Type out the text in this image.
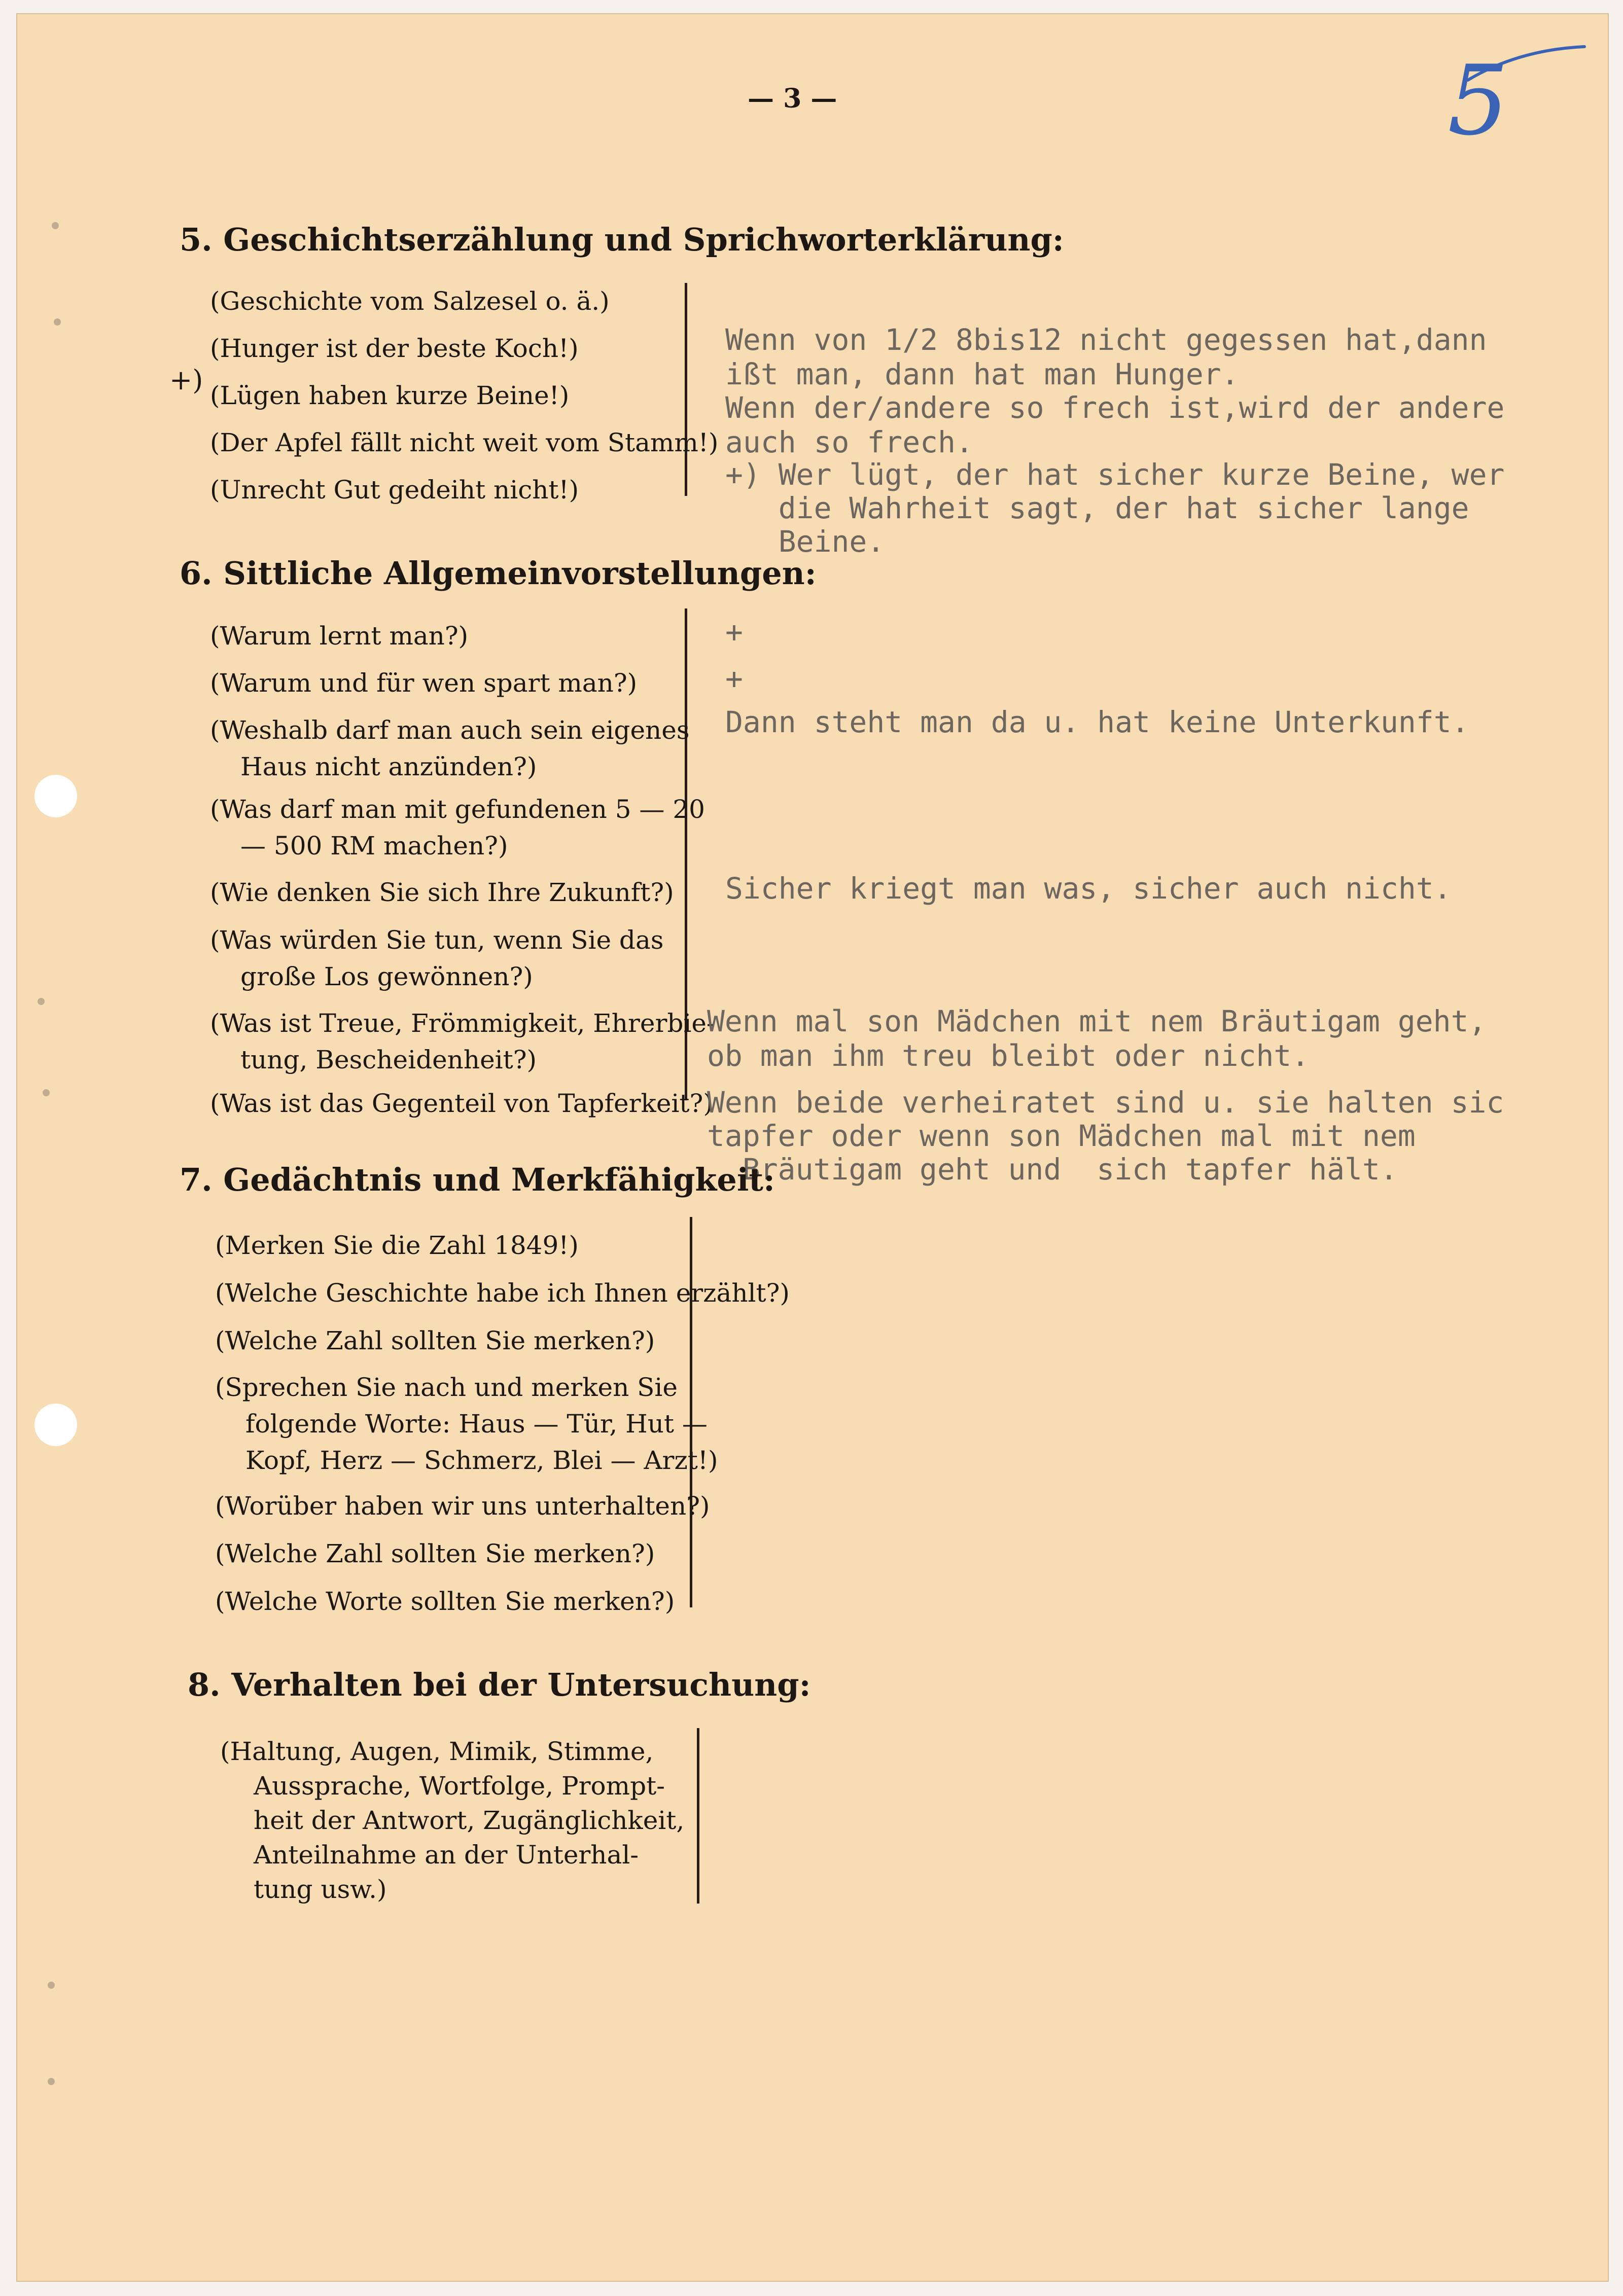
— 3 —	5
5. Geschichtserzählung und Sprichworterklärung:
+)
(Geschichte vom Salzesel o. ä.)
(Hunger ist der beste Koch!)
(Lügen haben kurze Beine!)
(Der Apfel fällt nicht weit vom Stamm!)
(Unrecht Gut gedeiht nicht!)
Wenn von 1/2 8bis12 nicht gegessen hat,dann
ißt man, dann hat man Hunger.
Wenn der/andere so frech ist,wird der andere
auch so frech.
+) Wer lügt, der hat sicher kurze Beine, wer
die Wahrheit sagt, der hat sicher lange
Beine.
6. Sittliche Allgemeinvorstellungen:
(Warum lernt man?)
(Warum und für wen spart man?)
(Weshalb darf man auch sein eigenes
Haus nicht anzünden?)
(Was darf man mit gefundenen 5 — 20
— 500 RM machen?)
(Wie denken Sie sich Ihre Zukunft?)
(Was würden Sie tun, wenn Sie das
große Los gewönnen?)
(Was ist Treue, Frömmigkeit, Ehrerbie-
tung, Bescheidenheit?)
(Was ist das Gegenteil von Tapferkeit?)
+
+
Dann steht man da u. hat keine Unterkunft.
Sicher kriegt man was, sicher auch nicht.
Wenn mal son Mädchen mit nem Bräutigam geht,
ob man ihm treu bleibt oder nicht.
Wenn beide verheiratet sind u. sie halten sic
tapfer oder wenn son Mädchen mal mit nem
Bräutigam geht und  sich tapfer hält.
7. Gedächtnis und Merkfähigkeit:
(Merken Sie die Zahl 1849!)
(Welche Geschichte habe ich Ihnen erzählt?)
(Welche Zahl sollten Sie merken?)
(Sprechen Sie nach und merken Sie
folgende Worte: Haus — Tür, Hut —
Kopf, Herz — Schmerz, Blei — Arzt!)
(Worüber haben wir uns unterhalten?)
(Welche Zahl sollten Sie merken?)
(Welche Worte sollten Sie merken?)
8. Verhalten bei der Untersuchung:
(Haltung, Augen, Mimik, Stimme,
Aussprache, Wortfolge, Prompt-
heit der Antwort, Zugänglichkeit,
Anteilnahme an der Unterhal-
tung usw.)
